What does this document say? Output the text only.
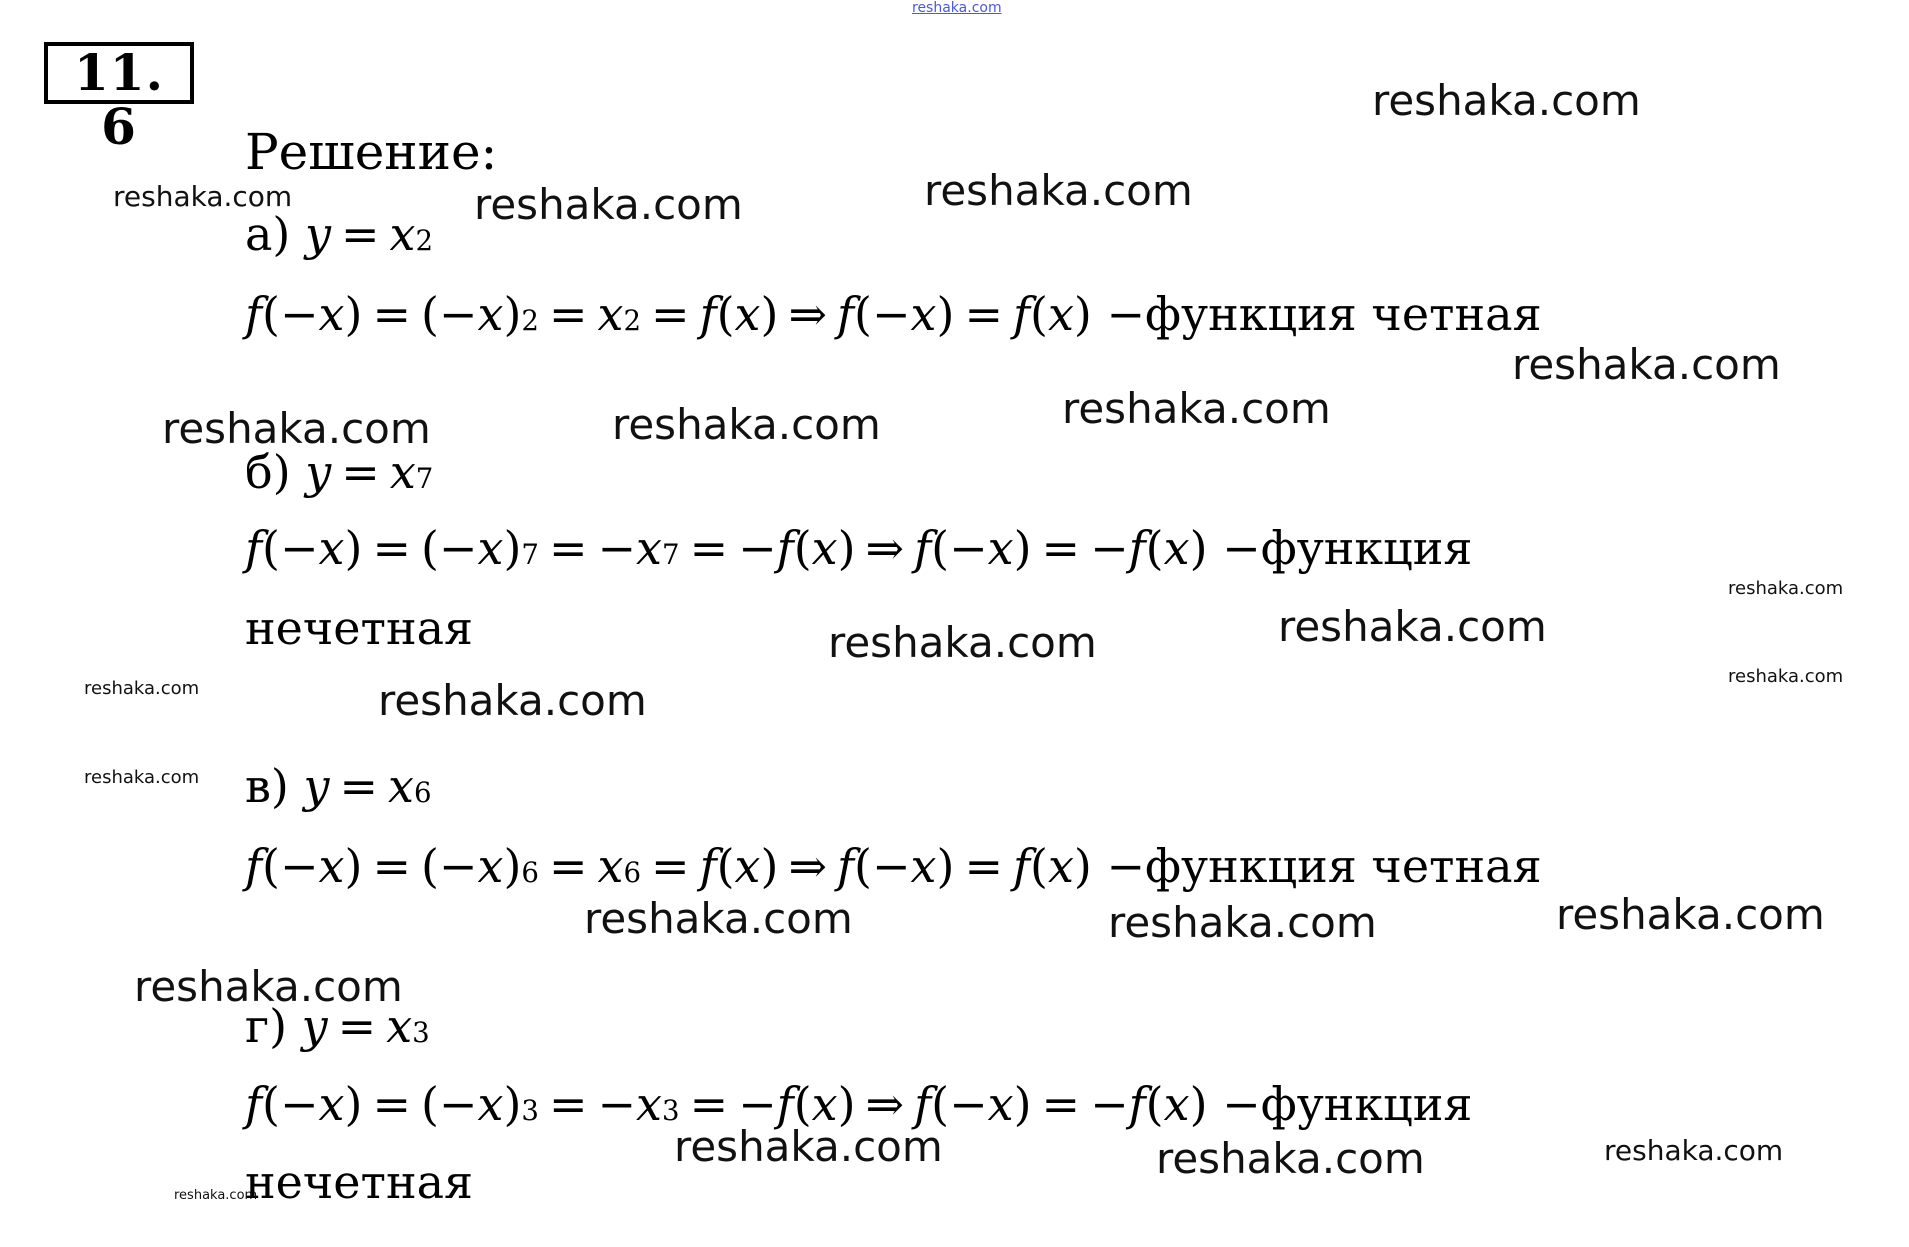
reshaka.com
11. 6	Решение:
а) $y = x^2$
$f(-x) = (-x)^2 = x^2 = f(x)$ ⇒ f(−x) = f(x) −функция четная
б) $y = x^7$
$f(-x) = (-x)^7 = -x^7 = -f(x)$ ⇒ f(−x) = −f(x) −функция
нечетная
в) $y = x^6$
$f(-x) = (-x)^6 = x^6 = f(x)$ ⇒ f(−x) = f(x) −функция четная
г) $y = x^3$
$f(-x) = (-x)^3 = -x^3 = -f(x)$ ⇒ f(−x) = −f(x) −функция
нечетная
reshaka.com
reshaka.com	reshaka.com	reshaka.com
reshaka.com
reshaka.com	reshaka.com	reshaka.com
reshaka.com
reshaka.com	reshaka.com
reshaka.com
reshaka.com
reshaka.com
reshaka.com
reshaka.com	reshaka.com	reshaka.com
reshaka.com
reshaka.com	reshaka.com	reshaka.com
reshaka.com
